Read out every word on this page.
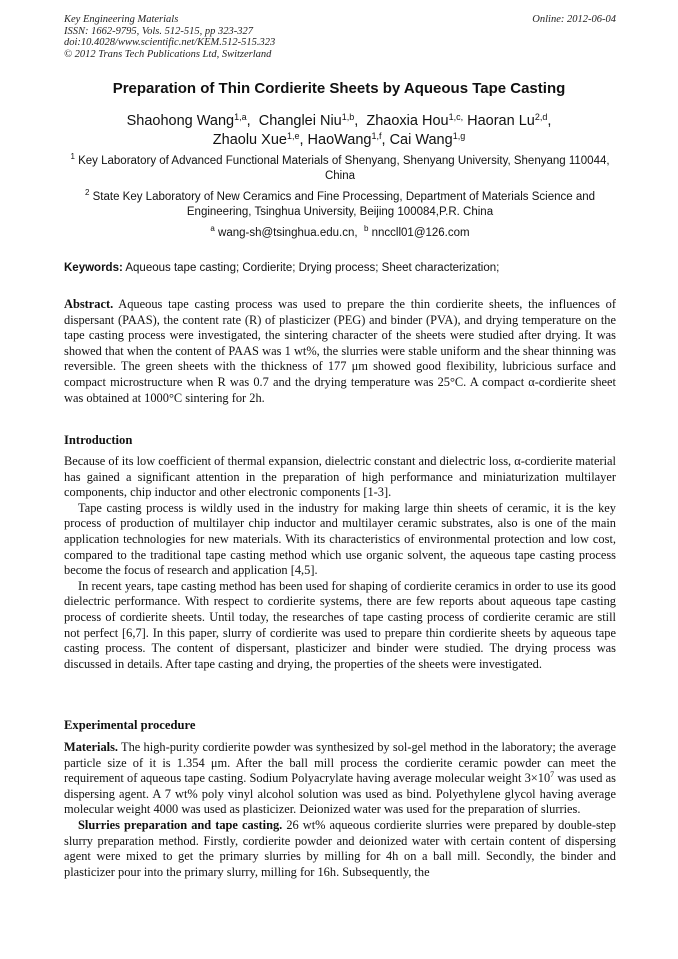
Key Engineering Materials
ISSN: 1662-9795, Vols. 512-515, pp 323-327
doi:10.4028/www.scientific.net/KEM.512-515.323
© 2012 Trans Tech Publications Ltd, Switzerland
Online: 2012-06-04
Preparation of Thin Cordierite Sheets by Aqueous Tape Casting
Shaohong Wang$^{1,a}$,  Changlei Niu$^{1,b}$,  Zhaoxia Hou$^{1,c,}$ Haoran Lu$^{2,d}$,
Zhaolu Xue$^{1,e}$, HaoWang$^{1,f}$, Cai Wang$^{1,g}$
$^1$ Key Laboratory of Advanced Functional Materials of Shenyang, Shenyang University, Shenyang 110044, China
$^2$ State Key Laboratory of New Ceramics and Fine Processing, Department of Materials Science and Engineering, Tsinghua University, Beijing 100084,P.R. China
$^a$ wang-sh@tsinghua.edu.cn, $^b$ nnccll01@126.com
Keywords: Aqueous tape casting; Cordierite; Drying process; Sheet characterization;
Abstract. Aqueous tape casting process was used to prepare the thin cordierite sheets, the influences of dispersant (PAAS), the content rate (R) of plasticizer (PEG) and binder (PVA), and drying temperature on the tape casting process were investigated, the sintering character of the sheets were studied after drying. It was showed that when the content of PAAS was 1 wt%, the slurries were stable uniform and the shear thinning was reversible. The green sheets with the thickness of 177 μm showed good flexibility, lubricious surface and compact microstructure when R was 0.7 and the drying temperature was 25°C. A compact α-cordierite sheet was obtained at 1000°C sintering for 2h.
Introduction
Because of its low coefficient of thermal expansion, dielectric constant and dielectric loss, α-cordierite material has gained a significant attention in the preparation of high performance and miniaturization multilayer components, chip inductor and other electronic components [1-3].
Tape casting process is wildly used in the industry for making large thin sheets of ceramic, it is the key process of production of multilayer chip inductor and multilayer ceramic substrates, also is one of the main application technologies for new materials. With its characteristics of environmental protection and low cost, compared to the traditional tape casting method which use organic solvent, the aqueous tape casting process become the focus of research and application [4,5].
In recent years, tape casting method has been used for shaping of cordierite ceramics in order to use its good dielectric performance. With respect to cordierite systems, there are few reports about aqueous tape casting process of cordierite sheets. Until today, the researches of tape casting process of cordierite ceramic are still not perfect [6,7]. In this paper, slurry of cordierite was used to prepare thin cordierite sheets by aqueous tape casting process. The content of dispersant, plasticizer and binder were studied. The drying process was discussed in details. After tape casting and drying, the properties of the sheets were investigated.
Experimental procedure
Materials. The high-purity cordierite powder was synthesized by sol-gel method in the laboratory; the average particle size of it is 1.354 μm. After the ball mill process the cordierite ceramic powder can meet the requirement of aqueous tape casting. Sodium Polyacrylate having average molecular weight $3\times 10^7$ was used as dispersing agent. A 7 wt% poly vinyl alcohol solution was used as bind. Polyethylene glycol having average molecular weight 4000 was used as plasticizer. Deionized water was used for the preparation of slurries.
Slurries preparation and tape casting. 26 wt% aqueous cordierite slurries were prepared by double-step slurry preparation method. Firstly, cordierite powder and deionized water with certain content of dispersing agent were mixed to get the primary slurries by milling for 4h on a ball mill. Secondly, the binder and plasticizer pour into the primary slurry, milling for 16h. Subsequently, the
